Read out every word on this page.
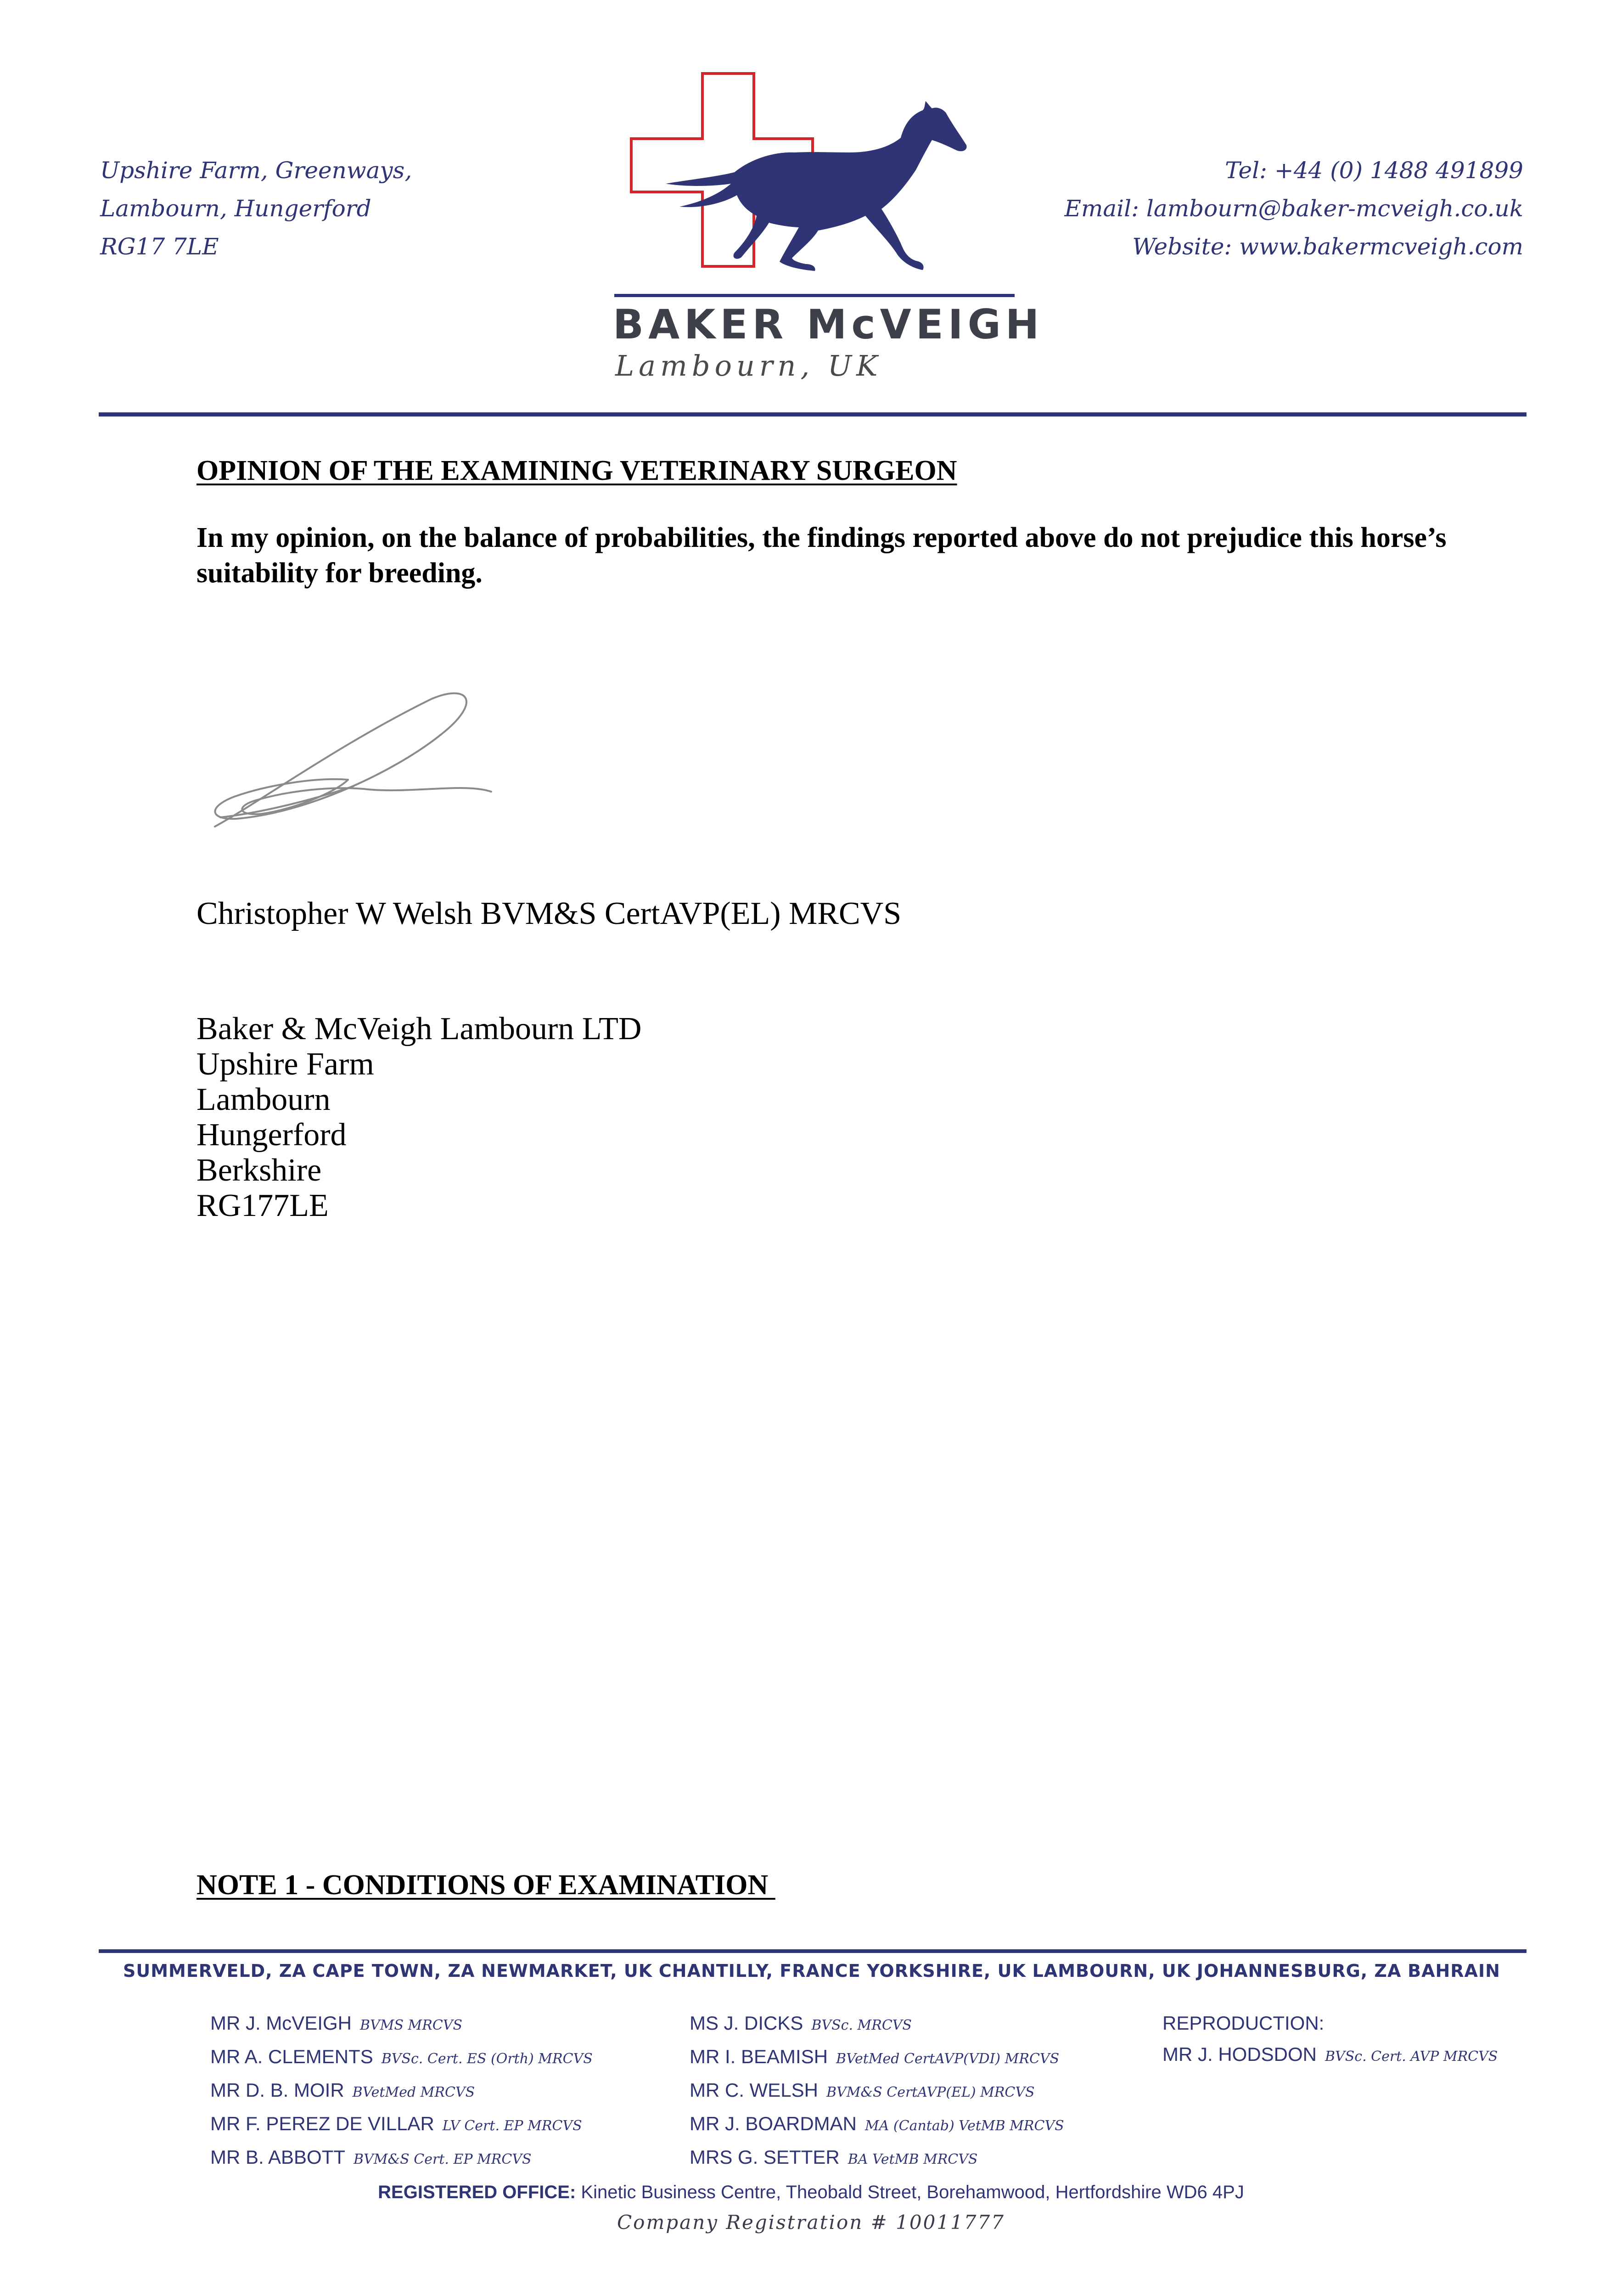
Upshire Farm, Greenways,
Lambourn, Hungerford
RG17 7LE
Tel: +44 (0) 1488 491899
Email: lambourn@baker-mcveigh.co.uk
Website: www.bakermcveigh.com
BAKER McVEIGH
Lambourn, UK
OPINION OF THE EXAMINING VETERINARY SURGEON
In my opinion, on the balance of probabilities, the findings reported above do not prejudice this horse’s suitability for breeding.
Christopher W Welsh BVM&S CertAVP(EL) MRCVS
Baker & McVeigh Lambourn LTD
Upshire Farm
Lambourn
Hungerford
Berkshire
RG177LE
NOTE 1 - CONDITIONS OF EXAMINATION
SUMMERVELD, ZA CAPE TOWN, ZA NEWMARKET, UK CHANTILLY, FRANCE YORKSHIRE, UK LAMBOURN, UK JOHANNESBURG, ZA BAHRAIN
MR J. McVEIGH BVMS MRCVS
MR A. CLEMENTS BVSc. Cert. ES (Orth) MRCVS
MR D. B. MOIR BVetMed MRCVS
MR F. PEREZ DE VILLAR LV Cert. EP MRCVS
MR B. ABBOTT BVM&S Cert. EP MRCVS
MS J. DICKS BVSc. MRCVS
MR I. BEAMISH BVetMed CertAVP(VDI) MRCVS
MR C. WELSH BVM&S CertAVP(EL) MRCVS
MR J. BOARDMAN MA (Cantab) VetMB MRCVS
MRS G. SETTER BA VetMB MRCVS
REPRODUCTION:
MR J. HODSDON BVSc. Cert. AVP MRCVS
REGISTERED OFFICE: Kinetic Business Centre, Theobald Street, Borehamwood, Hertfordshire WD6 4PJ
Company Registration # 10011777
